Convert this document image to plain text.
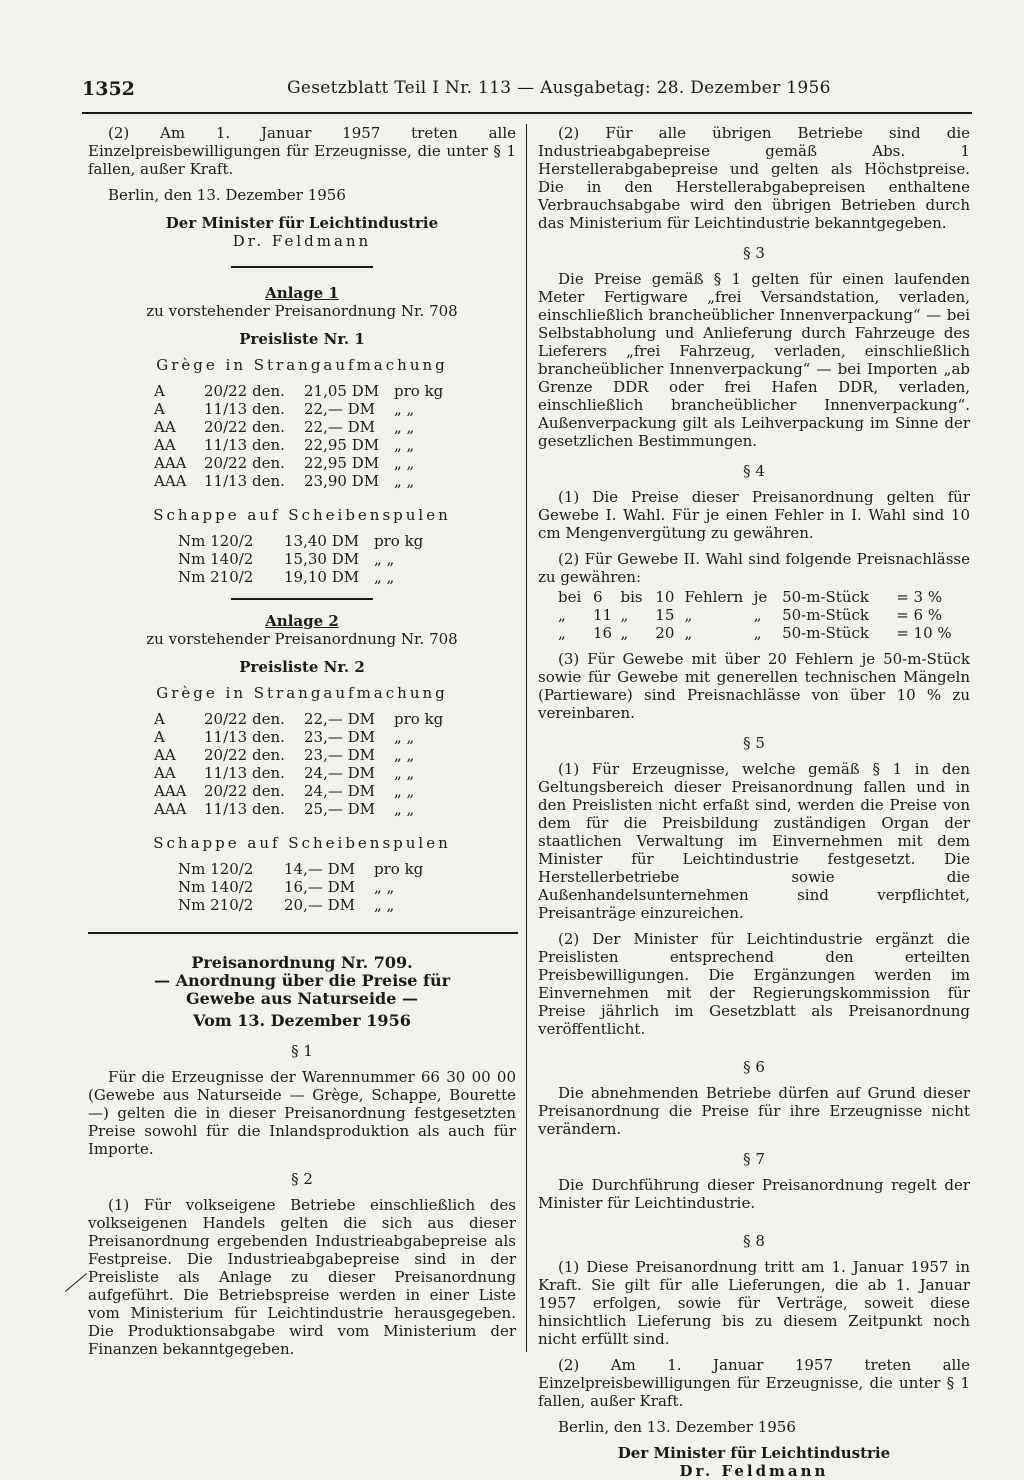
1352	Gesetzblatt Teil I Nr. 113 — Ausgabetag: 28. Dezember 1956

(2) Am 1. Januar 1957 treten alle Einzelpreisbewilligungen für Erzeugnisse, die unter § 1 fallen, außer Kraft.

Berlin, den 13. Dezember 1956

Der Minister für Leichtindustrie
Dr. Feldmann
Anlage 1
zu vorstehender Preisanordnung Nr. 708
Preisliste Nr. 1
Grège in Strangaufmachung
A	20/22 den.	21,05 DM	pro kg
A	11/13 den.	22,— DM	„ „
AA	20/22 den.	22,— DM	„ „
AA	11/13 den.	22,95 DM	„ „
AAA	20/22 den.	22,95 DM	„ „
AAA	11/13 den.	23,90 DM	„ „
Schappe auf Scheibenspulen
Nm 120/2	13,40 DM	pro kg
Nm 140/2	15,30 DM	„ „
Nm 210/2	19,10 DM	„ „
Anlage 2
zu vorstehender Preisanordnung Nr. 708
Preisliste Nr. 2
Grège in Strangaufmachung
A	20/22 den.	22,— DM	pro kg
A	11/13 den.	23,— DM	„ „
AA	20/22 den.	23,— DM	„ „
AA	11/13 den.	24,— DM	„ „
AAA	20/22 den.	24,— DM	„ „
AAA	11/13 den.	25,— DM	„ „
Schappe auf Scheibenspulen
Nm 120/2	14,— DM	pro kg
Nm 140/2	16,— DM	„ „
Nm 210/2	20,— DM	„ „
Preisanordnung Nr. 709.
— Anordnung über die Preise für Gewebe aus Naturseide —
Vom 13. Dezember 1956
§ 1

Für die Erzeugnisse der Warennummer 66 30 00 00 (Gewebe aus Naturseide — Grège, Schappe, Bourette —) gelten die in dieser Preisanordnung festgesetzten Preise sowohl für die Inlandsproduktion als auch für Importe.

§ 2

(1) Für volkseigene Betriebe einschließlich des volkseigenen Handels gelten die sich aus dieser Preisanordnung ergebenden Industrieabgabepreise als Festpreise. Die Industrieabgabepreise sind in der Preisliste als Anlage zu dieser Preisanordnung aufgeführt. Die Betriebspreise werden in einer Liste vom Ministerium für Leichtindustrie herausgegeben. Die Produktionsabgabe wird vom Ministerium der Finanzen bekanntgegeben.

(2) Für alle übrigen Betriebe sind die Industrieabgabepreise gemäß Abs. 1 Herstellerabgabepreise und gelten als Höchstpreise. Die in den Herstellerabgabepreisen enthaltene Verbrauchsabgabe wird den übrigen Betrieben durch das Ministerium für Leichtindustrie bekanntgegeben.

§ 3

Die Preise gemäß § 1 gelten für einen laufenden Meter Fertigware „frei Versandstation, verladen, einschließlich brancheüblicher Innenverpackung“ — bei Selbstabholung und Anlieferung durch Fahrzeuge des Lieferers „frei Fahrzeug, verladen, einschließlich brancheüblicher Innenverpackung“ — bei Importen „ab Grenze DDR oder frei Hafen DDR, verladen, einschließlich brancheüblicher Innenverpackung“. Außenverpackung gilt als Leihverpackung im Sinne der gesetzlichen Bestimmungen.

§ 4

(1) Die Preise dieser Preisanordnung gelten für Gewebe I. Wahl. Für je einen Fehler in I. Wahl sind 10 cm Mengenvergütung zu gewähren.

(2) Für Gewebe II. Wahl sind folgende Preisnachlässe zu gewähren:

bei	6	bis	10	Fehlern	je	50-m-Stück	= 3 %
„	11	„	15	„	„	50-m-Stück	= 6 %
„	16	„	20	„	„	50-m-Stück	= 10 %

(3) Für Gewebe mit über 20 Fehlern je 50-m-Stück sowie für Gewebe mit generellen technischen Mängeln (Partieware) sind Preisnachlässe von über 10 % zu vereinbaren.

§ 5

(1) Für Erzeugnisse, welche gemäß § 1 in den Geltungsbereich dieser Preisanordnung fallen und in den Preislisten nicht erfaßt sind, werden die Preise von dem für die Preisbildung zuständigen Organ der staatlichen Verwaltung im Einvernehmen mit dem Minister für Leichtindustrie festgesetzt. Die Herstellerbetriebe sowie die Außenhandelsunternehmen sind verpflichtet, Preisanträge einzureichen.

(2) Der Minister für Leichtindustrie ergänzt die Preislisten entsprechend den erteilten Preisbewilligungen. Die Ergänzungen werden im Einvernehmen mit der Regierungskommission für Preise jährlich im Gesetzblatt als Preisanordnung veröffentlicht.

§ 6

Die abnehmenden Betriebe dürfen auf Grund dieser Preisanordnung die Preise für ihre Erzeugnisse nicht verändern.

§ 7

Die Durchführung dieser Preisanordnung regelt der Minister für Leichtindustrie.

§ 8

(1) Diese Preisanordnung tritt am 1. Januar 1957 in Kraft. Sie gilt für alle Lieferungen, die ab 1. Januar 1957 erfolgen, sowie für Verträge, soweit diese hinsichtlich Lieferung bis zu diesem Zeitpunkt noch nicht erfüllt sind.

(2) Am 1. Januar 1957 treten alle Einzelpreisbewilligungen für Erzeugnisse, die unter § 1 fallen, außer Kraft.

Berlin, den 13. Dezember 1956

Der Minister für Leichtindustrie
Dr. Feldmann
